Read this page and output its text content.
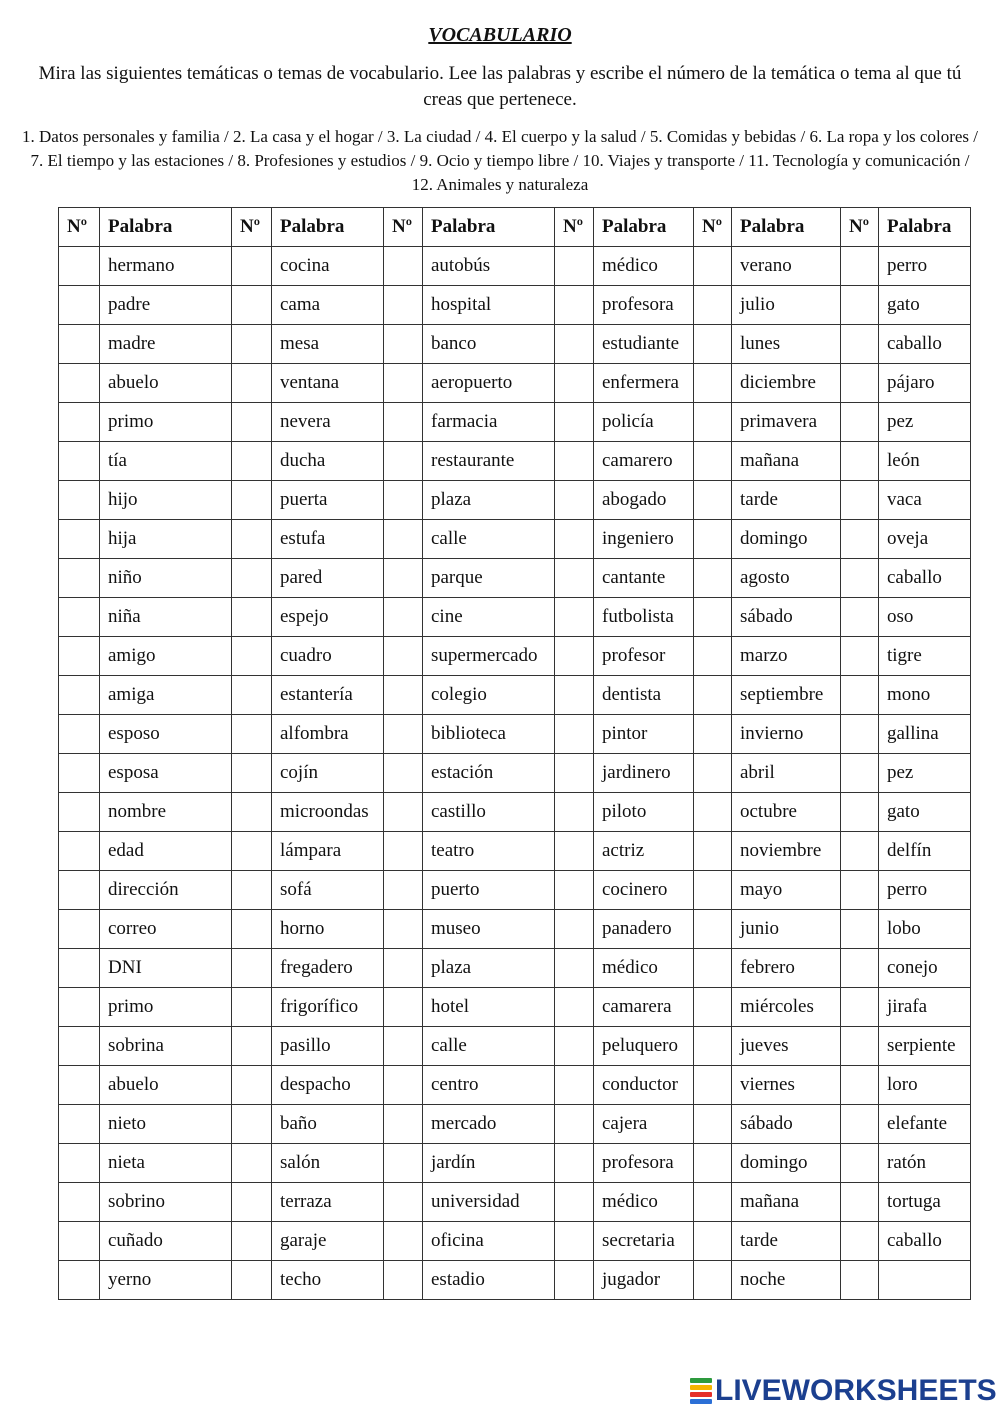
VOCABULARIO
Mira las siguientes temáticas o temas de vocabulario. Lee las palabras y escribe el número de la temática o tema al que tú creas que pertenece.
1. Datos personales y familia / 2. La casa y el hogar / 3. La ciudad / 4. El cuerpo y la salud / 5. Comidas y bebidas / 6. La ropa y los colores / 7. El tiempo y las estaciones / 8. Profesiones y estudios / 9. Ocio y tiempo libre / 10. Viajes y transporte / 11. Tecnología y comunicación / 12. Animales y naturaleza
Nº	Palabra	Nº	Palabra	Nº	Palabra	Nº	Palabra	Nº	Palabra	Nº	Palabra
	hermano		cocina		autobús		médico		verano		perro
	padre		cama		hospital		profesora		julio		gato
	madre		mesa		banco		estudiante		lunes		caballo
	abuelo		ventana		aeropuerto		enfermera		diciembre		pájaro
	primo		nevera		farmacia		policía		primavera		pez
	tía		ducha		restaurante		camarero		mañana		león
	hijo		puerta		plaza		abogado		tarde		vaca
	hija		estufa		calle		ingeniero		domingo		oveja
	niño		pared		parque		cantante		agosto		caballo
	niña		espejo		cine		futbolista		sábado		oso
	amigo		cuadro		supermercado		profesor		marzo		tigre
	amiga		estantería		colegio		dentista		septiembre		mono
	esposo		alfombra		biblioteca		pintor		invierno		gallina
	esposa		cojín		estación		jardinero		abril		pez
	nombre		microondas		castillo		piloto		octubre		gato
	edad		lámpara		teatro		actriz		noviembre		delfín
	dirección		sofá		puerto		cocinero		mayo		perro
	correo		horno		museo		panadero		junio		lobo
	DNI		fregadero		plaza		médico		febrero		conejo
	primo		frigorífico		hotel		camarera		miércoles		jirafa
	sobrina		pasillo		calle		peluquero		jueves		serpiente
	abuelo		despacho		centro		conductor		viernes		loro
	nieto		baño		mercado		cajera		sábado		elefante
	nieta		salón		jardín		profesora		domingo		ratón
	sobrino		terraza		universidad		médico		mañana		tortuga
	cuñado		garaje		oficina		secretaria		tarde		caballo
	yerno		techo		estadio		jugador		noche		
LIVEWORKSHEETS
